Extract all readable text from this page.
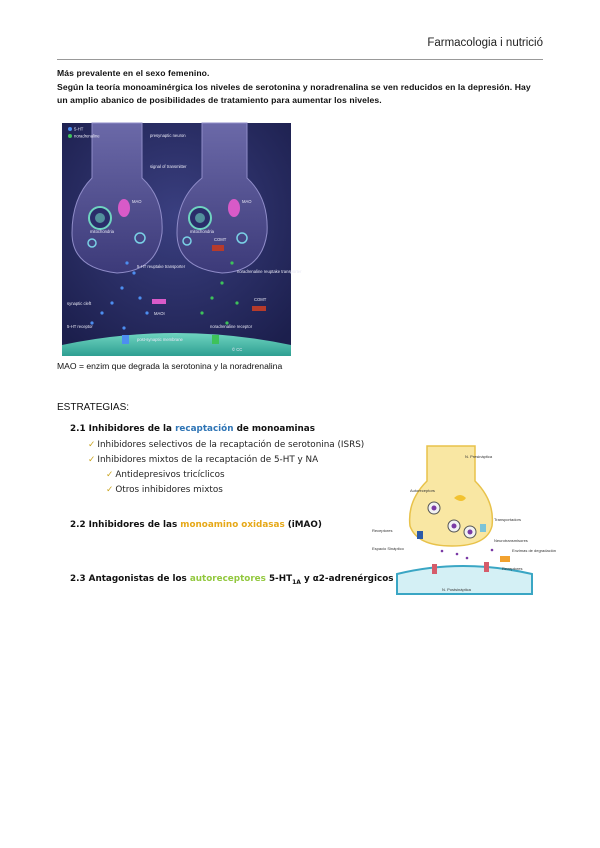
Farmacologia i nutrició

Más prevalente en el sexo femenino.

Según la teoría monoaminérgica los niveles de serotonina y noradrenalina se ven reducidos en la depresión. Hay un amplio abanico de posibilidades de tratamiento para aumentar los niveles.

5-HT
noradrenaline	presynaptic neuron
signal of transmitter
MAO	MAO
mitochondria	mitochondria
COMT
5-HT reuptake transporter
noradrenaline reuptake transporter
synaptic cleft
5-HT receptor
MAOI
noradrenaline receptor
COMT
post-synaptic membrane
© CC
MAO = enzim que degrada la serotonina y la noradrenalina
ESTRATEGIAS:
2.1 Inhibidores de la recaptación de monoaminas
✓ Inhibidores selectivos de la recaptación de serotonina (ISRS)
✓ Inhibidores mixtos de la recaptación de 5-HT y NA
✓ Antidepresivos tricíclicos
✓ Otros inhibidores mixtos
2.2 Inhibidores de las monoamino oxidasas (iMAO)
2.3 Antagonistas de los autoreceptores $5-HT_{1A}$ y α2-adrenérgicos
N. Presinàptica
Autoreceptors
Transportadors
Receptores
Espacio Sináptico
Neurotransmisores
Enzimas de degradación
Receptores
N. Postsinàptica
